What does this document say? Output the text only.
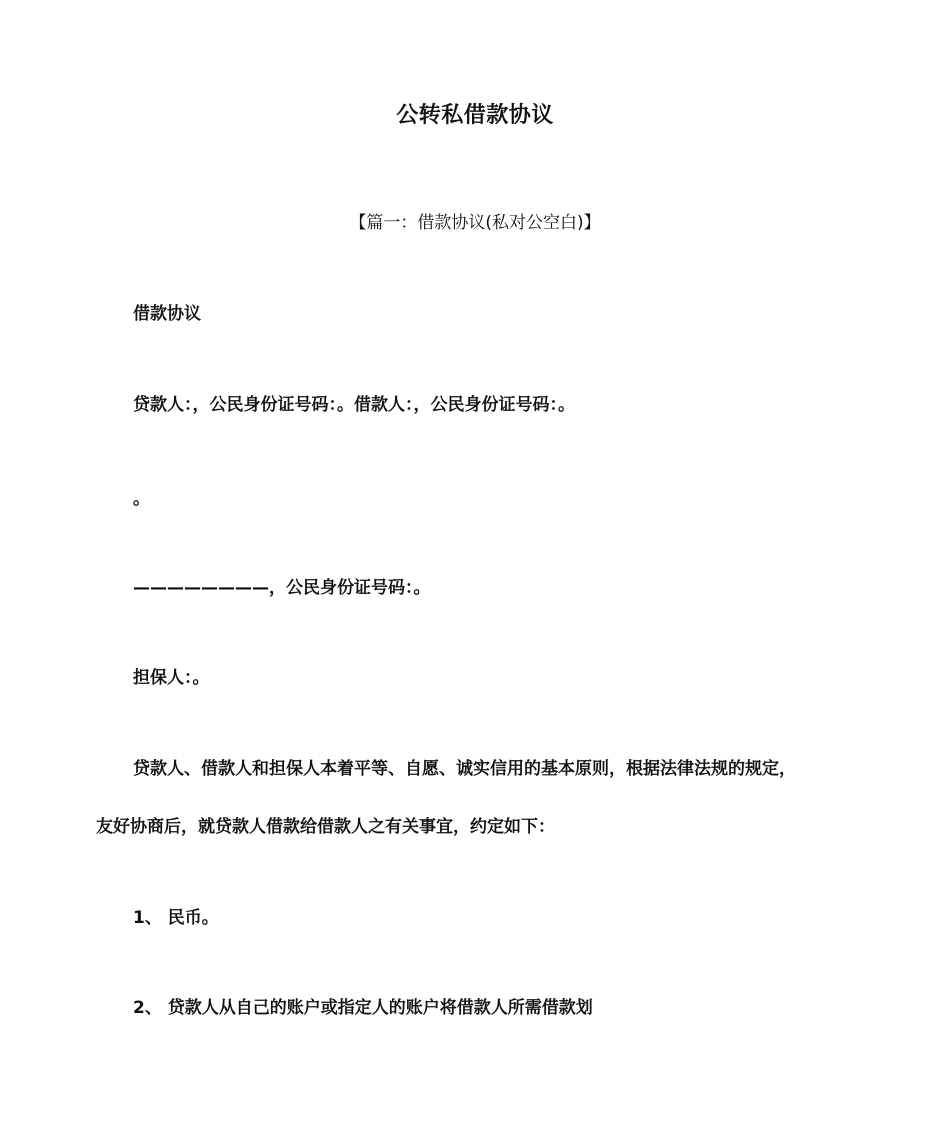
公转私借款协议
【篇一：借款协议(私对公空白)】
借款协议
贷款人：，公民身份证号码：。借款人：，公民身份证号码：。
。
————————，公民身份证号码：。
担保人：。
贷款人、借款人和担保人本着平等、自愿、诚实信用的基本原则，根据法律法规的规定，
友好协商后，就贷款人借款给借款人之有关事宜，约定如下：
1、 民币。
2、 贷款人从自己的账户或指定人的账户将借款人所需借款划
